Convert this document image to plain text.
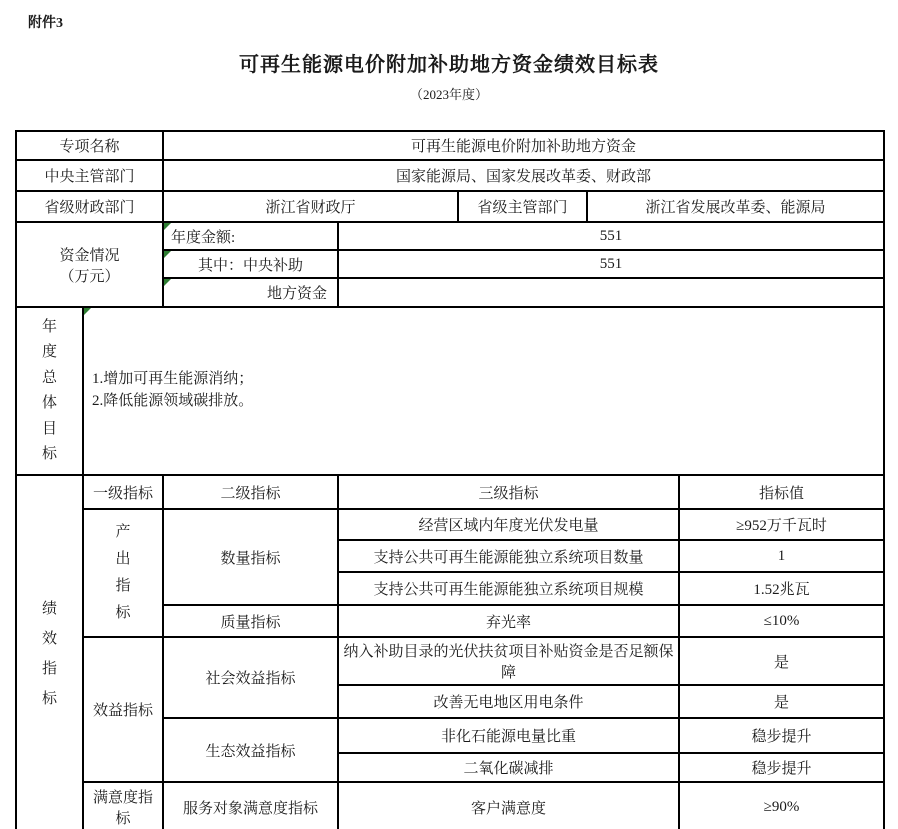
附件3
可再生能源电价附加补助地方资金绩效目标表
（2023年度）
专项名称		可再生能源电价附加补助地方资金				
中央主管部门		国家能源局、国家发展改革委、财政部				
省级财政部门		浙江省财政厅		省级主管部门	浙江省发展改革委、能源局	

资金情况
（万元）		年度金额:	551			

其中：中央补助	551			

地方资金				

年度总体目标	1.增加可再生能源消纳；
2.降低能源领域碳排放。					

绩效指标	一级指标	二级指标	三级指标			指标值

	产出指标	数量指标	经营区域内年度光伏发电量			≥952万千瓦时
			支持公共可再生能源能独立系统项目数量			1
			支持公共可再生能源能独立系统项目规模			1.52兆瓦
		质量指标	弃光率			≤10%
	效益指标	社会效益指标	纳入补助目录的光伏扶贫项目补贴资金是否足额保障			是
			改善无电地区用电条件			是
		生态效益指标	非化石能源电量比重			稳步提升
			二氧化碳减排			稳步提升
	满意度指标	服务对象满意度指标	客户满意度			≥90%
